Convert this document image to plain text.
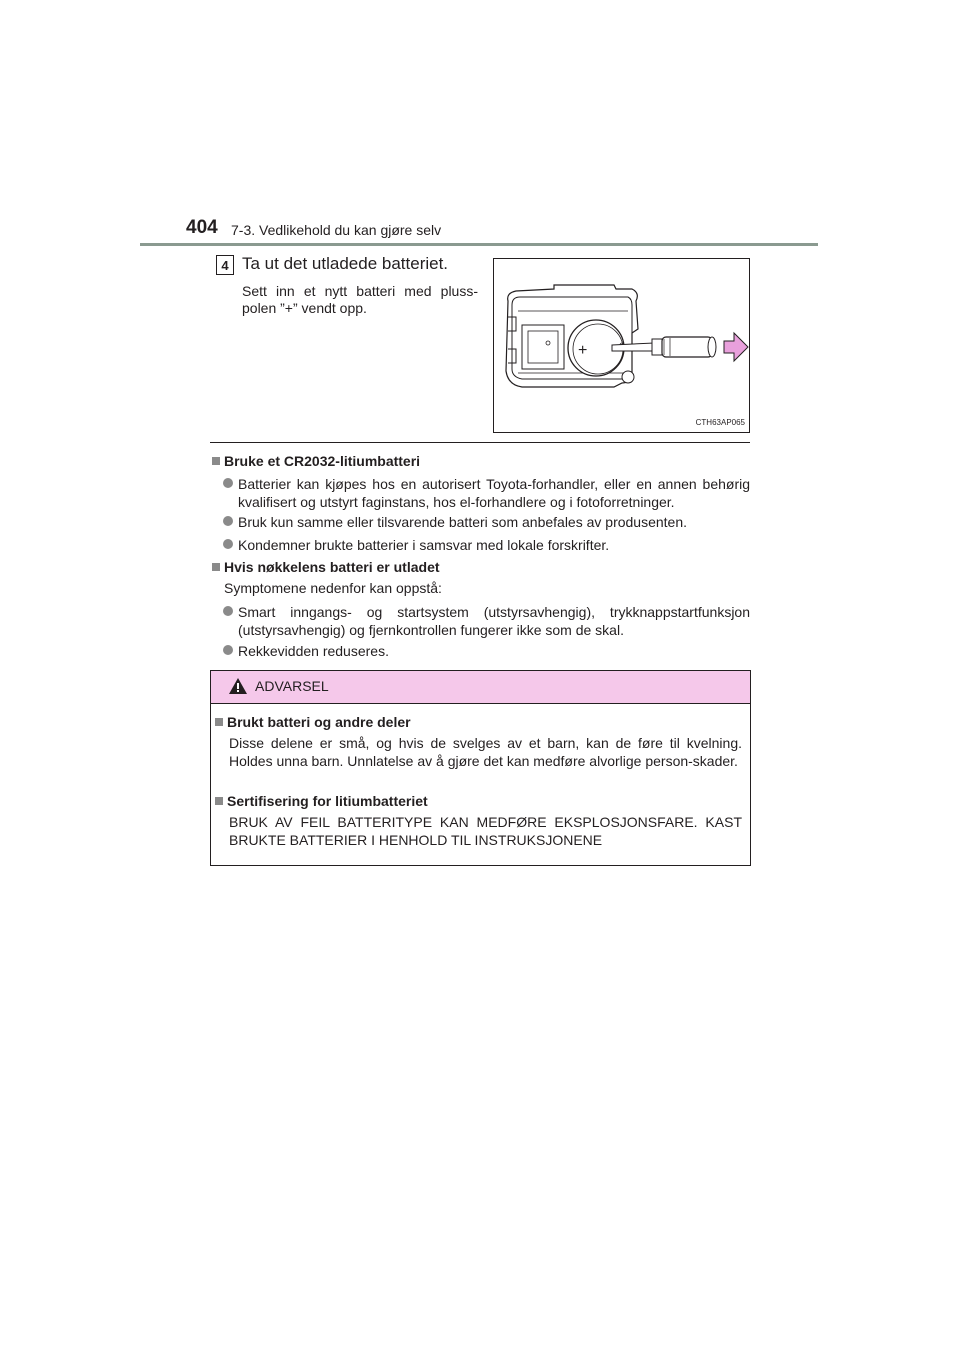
404 7-3. Vedlikehold du kan gjøre selv
4 Ta ut det utladede batteriet.
Sett inn et nytt batteri med pluss-polen ”+” vendt opp.
+
CTH63AP065
Bruke et CR2032-litiumbatteri
Batterier kan kjøpes hos en autorisert Toyota-forhandler, eller en annen behørig kvalifisert og utstyrt faginstans, hos el-forhandlere og i fotoforretninger.
Bruk kun samme eller tilsvarende batteri som anbefales av produsenten.
Kondemner brukte batterier i samsvar med lokale forskrifter.
Hvis nøkkelens batteri er utladet
Symptomene nedenfor kan oppstå:
Smart inngangs- og startsystem (utstyrsavhengig), trykknappstartfunksjon (utstyrsavhengig) og fjernkontrollen fungerer ikke som de skal.
Rekkevidden reduseres.
ADVARSEL
Brukt batteri og andre deler
Disse delene er små, og hvis de svelges av et barn, kan de føre til kvelning. Holdes unna barn. Unnlatelse av å gjøre det kan medføre alvorlige person-skader.
Sertifisering for litiumbatteriet
BRUK AV FEIL BATTERITYPE KAN MEDFØRE EKSPLOSJONSFARE. KAST BRUKTE BATTERIER I HENHOLD TIL INSTRUKSJONENE
